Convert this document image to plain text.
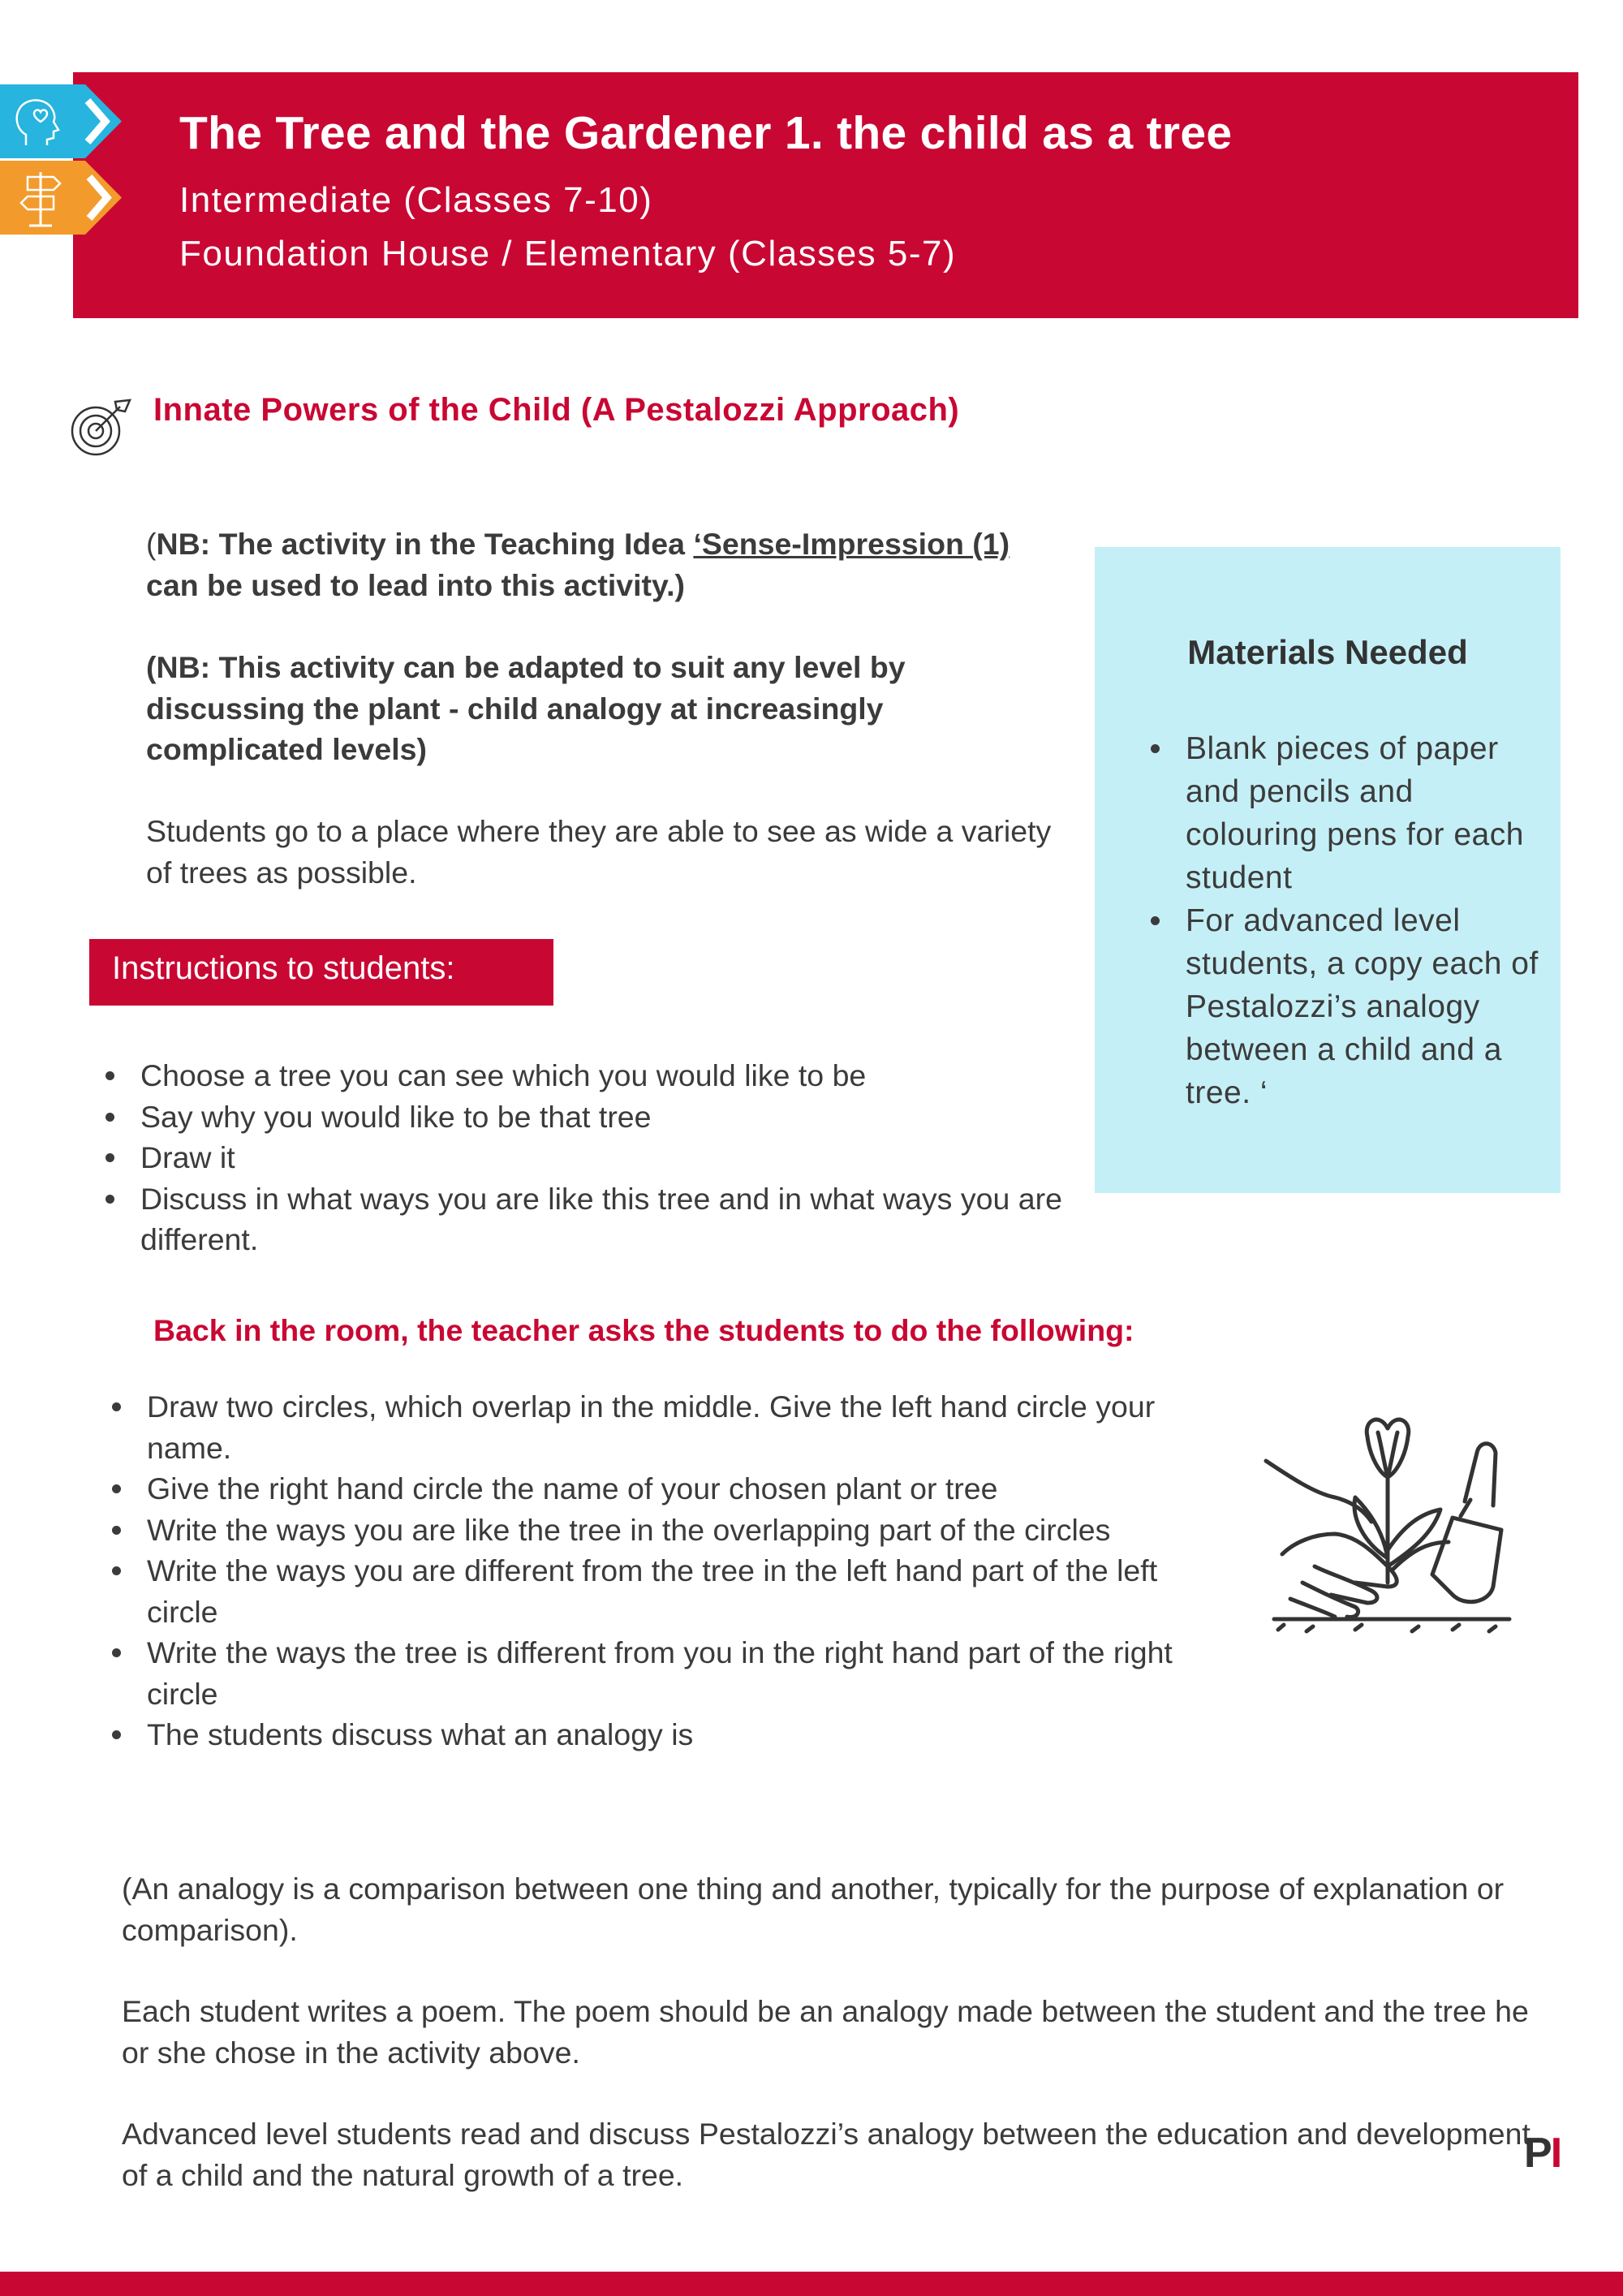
The Tree and the Gardener 1. the child as a tree
Intermediate (Classes 7-10)
Foundation House / Elementary (Classes 5-7)
Innate Powers of the Child (A Pestalozzi Approach)
(NB: The activity in the Teaching Idea ‘Sense-Impression (1) can be used to lead into this activity.)
(NB: This activity can be adapted to suit any level by discussing the plant - child analogy at increasingly complicated levels)
Students go to a place where they are able to see as wide a variety of trees as possible.
Instructions to students:
Choose a tree you can see which you would like to be
Say why you would like to be that tree
Draw it
Discuss in what ways you are like this tree and in what ways you are different.
Materials Needed
Blank pieces of paper and pencils and colouring pens for each student
For advanced level students, a copy each of Pestalozzi’s analogy between a child and a tree. ‘
Back in the room, the teacher asks the students to do the following:
Draw two circles, which overlap in the middle. Give the left hand circle your name.
Give the right hand circle the name of your chosen plant or tree
Write the ways you are like the tree in the overlapping part of the circles
Write the ways you are different from the tree in the left hand part of the left circle
Write the ways the tree is different from you in the right hand part of the right circle
The students discuss what an analogy is
(An analogy is a comparison between one thing and another, typically for the purpose of explanation or comparison).
Each student writes a poem. The poem should be an analogy made between the student and the tree he or she chose in the activity above.
Advanced level students read and discuss Pestalozzi’s analogy between the education and development of a child and the natural growth of a tree.	PI
